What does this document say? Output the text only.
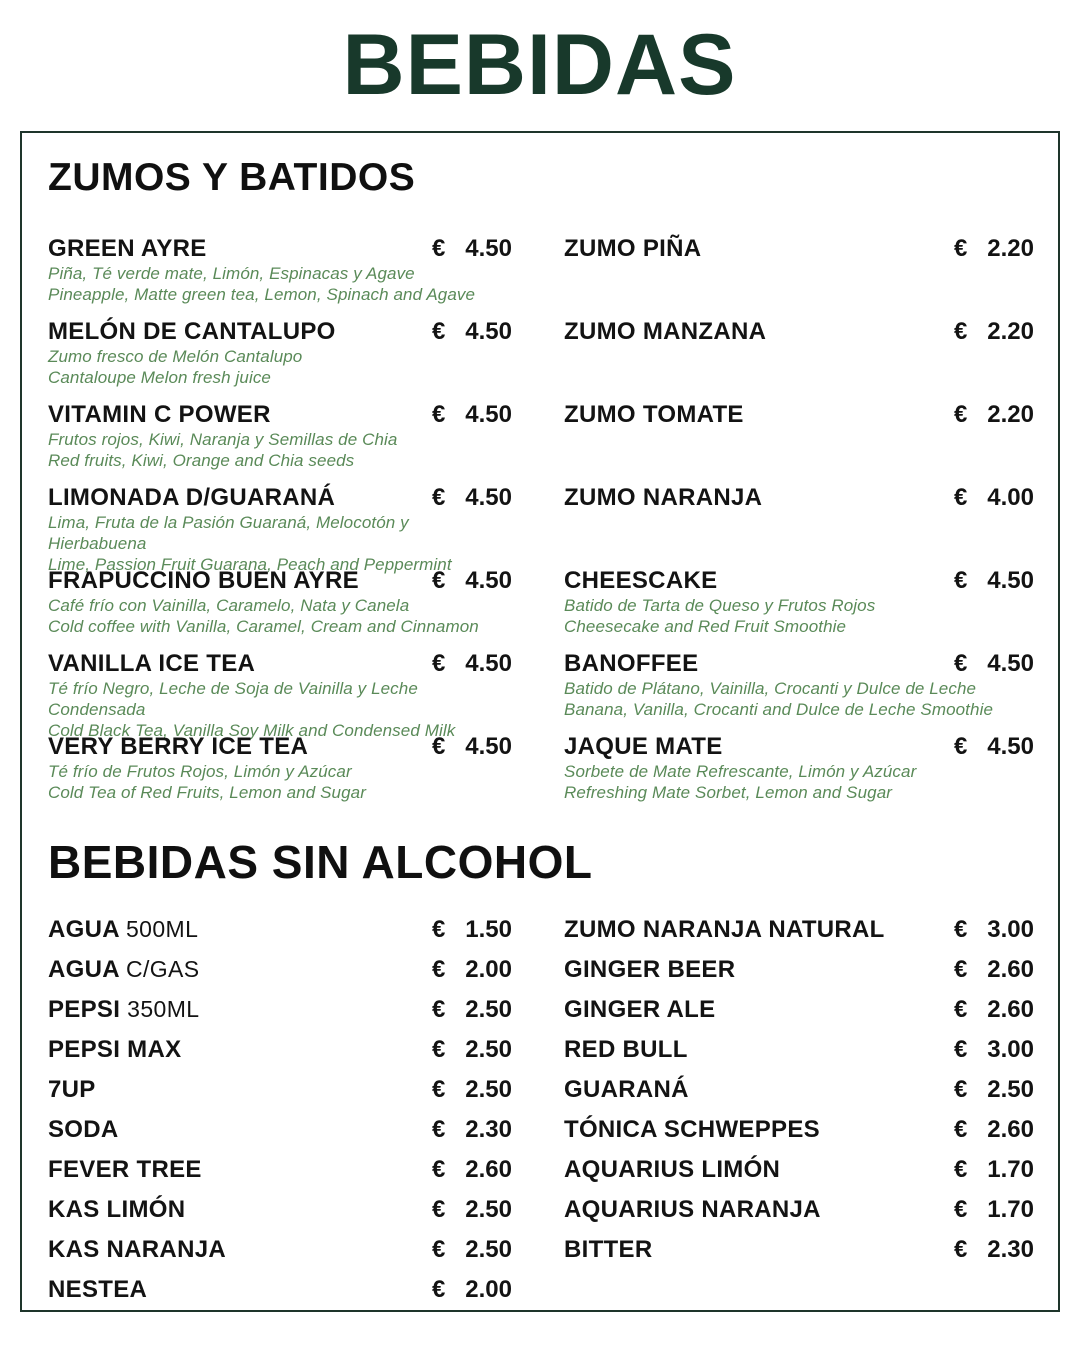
BEBIDAS
ZUMOS Y BATIDOS
GREEN AYRE	€ 4.50
Piña, Té verde mate, Limón, Espinacas y Agave
Pineapple, Matte green tea, Lemon, Spinach and Agave
MELÓN DE CANTALUPO	€ 4.50
Zumo fresco de Melón Cantalupo
Cantaloupe Melon fresh juice
VITAMIN C POWER	€ 4.50
Frutos rojos, Kiwi, Naranja y Semillas de Chia
Red fruits, Kiwi, Orange and Chia seeds
LIMONADA D/GUARANÁ	€ 4.50
Lima, Fruta de la Pasión Guaraná, Melocotón y Hierbabuena
Lime, Passion Fruit Guarana, Peach and Peppermint
FRAPUCCINO BUEN AYRE	€ 4.50
Café frío con Vainilla, Caramelo, Nata y Canela
Cold coffee with Vanilla, Caramel, Cream and Cinnamon
VANILLA ICE TEA	€ 4.50
Té frío Negro, Leche de Soja de Vainilla y Leche Condensada
Cold Black Tea, Vanilla Soy Milk and Condensed Milk
VERY BERRY ICE TEA	€ 4.50
Té frío de Frutos Rojos, Limón y Azúcar
Cold Tea of Red Fruits, Lemon and Sugar
ZUMO PIÑA	€ 2.20
ZUMO MANZANA	€ 2.20
ZUMO TOMATE	€ 2.20
ZUMO NARANJA	€ 4.00
CHEESCAKE	€ 4.50
Batido de Tarta de Queso y Frutos Rojos
Cheesecake and Red Fruit Smoothie
BANOFFEE	€ 4.50
Batido de Plátano, Vainilla, Crocanti y Dulce de Leche
Banana, Vanilla, Crocanti and Dulce de Leche Smoothie
JAQUE MATE	€ 4.50
Sorbete de Mate Refrescante, Limón y Azúcar
Refreshing Mate Sorbet, Lemon and Sugar
BEBIDAS SIN ALCOHOL
AGUA 500ML	€ 1.50
AGUA C/GAS	€ 2.00
PEPSI 350ML	€ 2.50
PEPSI MAX	€ 2.50
7UP	€ 2.50
SODA	€ 2.30
FEVER TREE	€ 2.60
KAS LIMÓN	€ 2.50
KAS NARANJA	€ 2.50
NESTEA	€ 2.00
ZUMO NARANJA NATURAL	€ 3.00
GINGER BEER	€ 2.60
GINGER ALE	€ 2.60
RED BULL	€ 3.00
GUARANÁ	€ 2.50
TÓNICA SCHWEPPES	€ 2.60
AQUARIUS LIMÓN	€ 1.70
AQUARIUS NARANJA	€ 1.70
BITTER	€ 2.30
